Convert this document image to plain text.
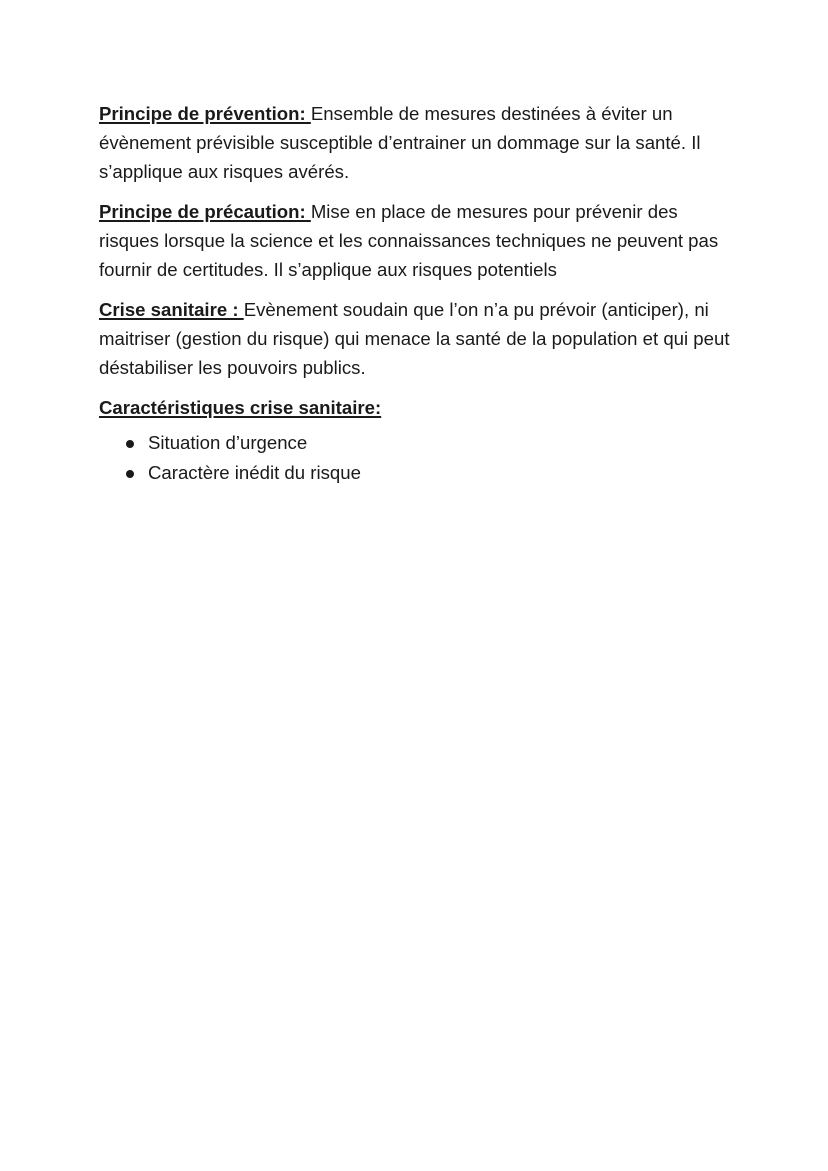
Principe de prévention: Ensemble de mesures destinées à éviter un évènement prévisible susceptible d’entrainer un dommage sur la santé. Il s’applique aux risques avérés.

Principe de précaution: Mise en place de mesures pour prévenir des risques lorsque la science et les connaissances techniques ne peuvent pas fournir de certitudes. Il s’applique aux risques potentiels

Crise sanitaire : Evènement soudain que l’on n’a pu prévoir (anticiper), ni maitriser (gestion du risque) qui menace la santé de la population et qui peut déstabiliser les pouvoirs publics.

Caractéristiques crise sanitaire:

Situation d’urgence
Caractère inédit du risque
